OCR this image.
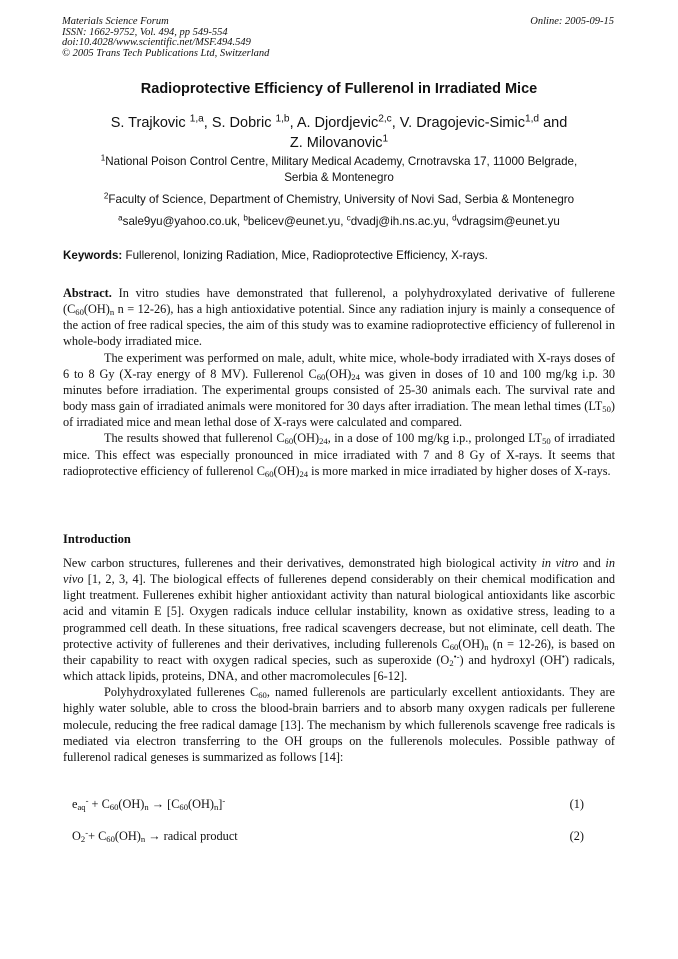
Materials Science Forum
ISSN: 1662-9752, Vol. 494, pp 549-554
doi:10.4028/www.scientific.net/MSF.494.549
© 2005 Trans Tech Publications Ltd, Switzerland
Online: 2005-09-15
Radioprotective Efficiency of Fullerenol in Irradiated Mice
S. Trajkovic $^{1,a}$, S. Dobric $^{1,b}$, A. Djordjevic$^{2,c}$, V. Dragojevic-Simic$^{1,d}$ and
Z. Milovanovic$^1$
$^1$National Poison Control Centre, Military Medical Academy, Crnotravska 17, 11000 Belgrade,
Serbia & Montenegro
$^2$Faculty of Science, Department of Chemistry, University of Novi Sad, Serbia & Montenegro
$^a$sale9yu@yahoo.co.uk, $^b$belicev@eunet.yu, $^c$dvadj@ih.ns.ac.yu, $^d$vdragsim@eunet.yu
Keywords: Fullerenol, Ionizing Radiation, Mice, Radioprotective Efficiency, X-rays.

Abstract. In vitro studies have demonstrated that fullerenol, a polyhydroxylated derivative of fullerene ($C_{60}(OH)_n$ n = 12-26), has a high antioxidative potential. Since any radiation injury is mainly a consequence of the action of free radical species, the aim of this study was to examine radioprotective efficiency of fullerenol in whole-body irradiated mice.

The experiment was performed on male, adult, white mice, whole-body irradiated with X-rays doses of 6 to 8 Gy (X-ray energy of 8 MV). Fullerenol $C_{60}(OH)_{24}$ was given in doses of 10 and 100 mg/kg i.p. 30 minutes before irradiation. The experimental groups consisted of 25-30 animals each. The survival rate and body mass gain of irradiated animals were monitored for 30 days after irradiation. The mean lethal times $(LT_{50})$ of irradiated mice and mean lethal dose of X-rays were calculated and compared.

The results showed that fullerenol $C_{60}(OH)_{24}$, in a dose of 100 mg/kg i.p., prolonged $LT_{50}$ of irradiated mice. This effect was especially pronounced in mice irradiated with 7 and 8 Gy of X-rays. It seems that radioprotective efficiency of fullerenol $C_{60}(OH)_{24}$ is more marked in mice irradiated by higher doses of X-rays.

Introduction

New carbon structures, fullerenes and their derivatives, demonstrated high biological activity in vitro and in vivo [1, 2, 3, 4]. The biological effects of fullerenes depend considerably on their chemical modification and light treatment. Fullerenes exhibit higher antioxidant activity than natural biological antioxidants like ascorbic acid and vitamin E [5]. Oxygen radicals induce cellular instability, known as oxidative stress, leading to a programmed cell death. In these situations, free radical scavengers decrease, but not eliminate, cell death. The protective activity of fullerenes and their derivatives, including fullerenols $C_{60}(OH)_n$ (n = 12-26), is based on their capability to react with oxygen radical species, such as superoxide $(O_2^{•-})$ and hydroxyl (OH•) radicals, which attack lipids, proteins, DNA, and other macromolecules [6-12].

Polyhydroxylated fullerenes $C_{60}$, named fullerenols are particularly excellent antioxidants. They are highly water soluble, able to cross the blood-brain barriers and to absorb many oxygen radicals per fullerene molecule, reducing the free radical damage [13]. The mechanism by which fullerenols scavenge free radicals is mediated via electron transferring to the OH groups on the fullerenols molecules. Possible pathway of fullerenol radical geneses is summarized as follows [14]:

$e_{aq}^- + C_{60}(OH)_n \to [C_{60}(OH)_n]^-$	(1)
$O_2^-+ C_{60}(OH)_n$ → radical product	(2)
